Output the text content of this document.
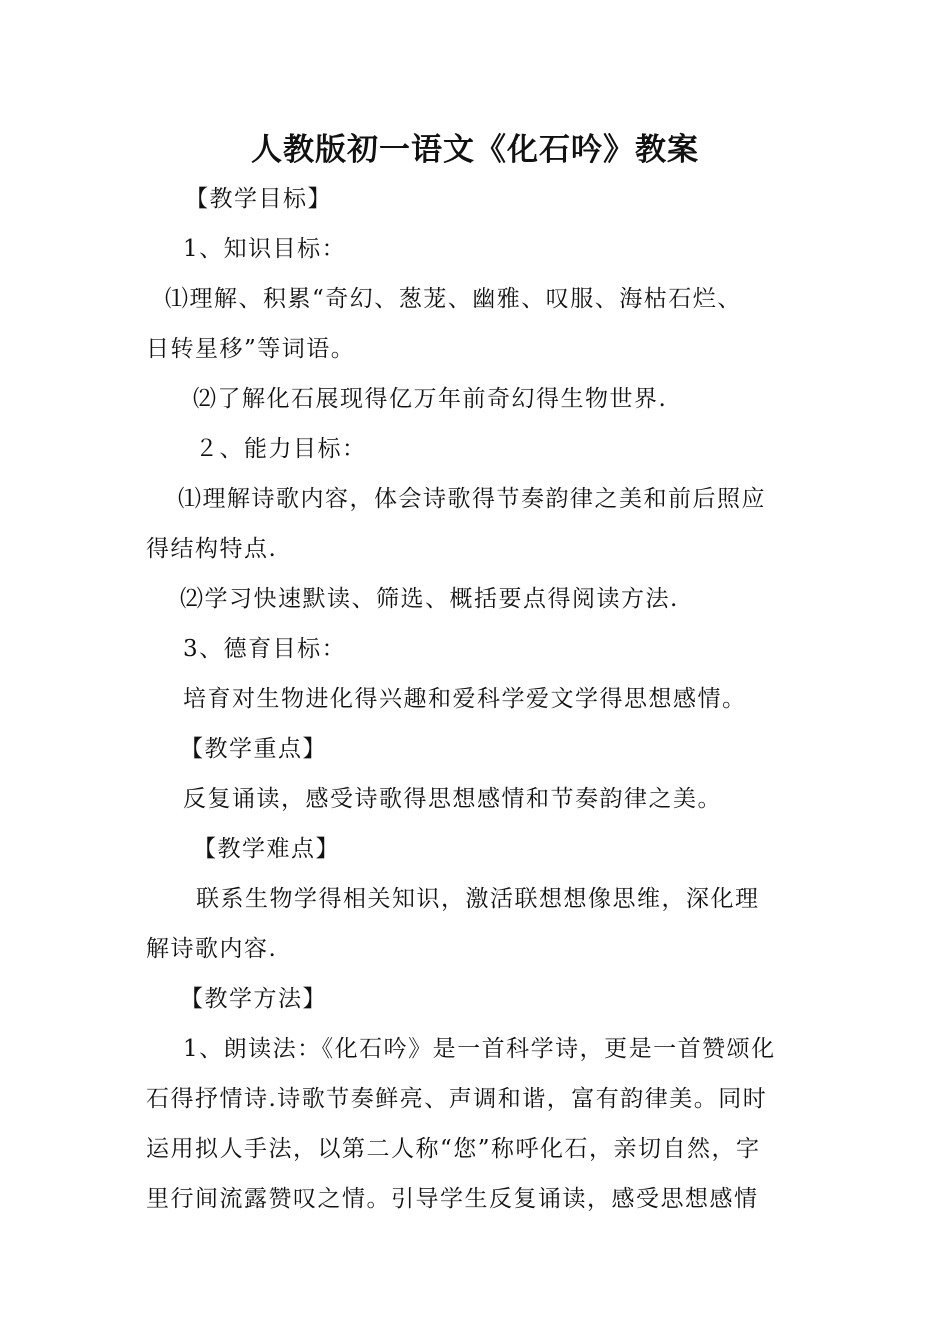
人教版初一语文《化石吟》教案
【教学目标】
1、知识目标：
⑴理解、积累“奇幻、葱茏、幽雅、叹服、海枯石烂、
日转星移”等词语。
⑵了解化石展现得亿万年前奇幻得生物世界.
２、能力目标：
⑴理解诗歌内容，体会诗歌得节奏韵律之美和前后照应
得结构特点.
⑵学习快速默读、筛选、概括要点得阅读方法.
3、德育目标：
培育对生物进化得兴趣和爱科学爱文学得思想感情。
【教学重点】
反复诵读，感受诗歌得思想感情和节奏韵律之美。
【教学难点】
联系生物学得相关知识，激活联想想像思维，深化理
解诗歌内容.
【教学方法】
1、朗读法：《化石吟》是一首科学诗，更是一首赞颂化
石得抒情诗.诗歌节奏鲜亮、声调和谐，富有韵律美。同时
运用拟人手法，以第二人称“您”称呼化石，亲切自然，字
里行间流露赞叹之情。引导学生反复诵读，感受思想感情
